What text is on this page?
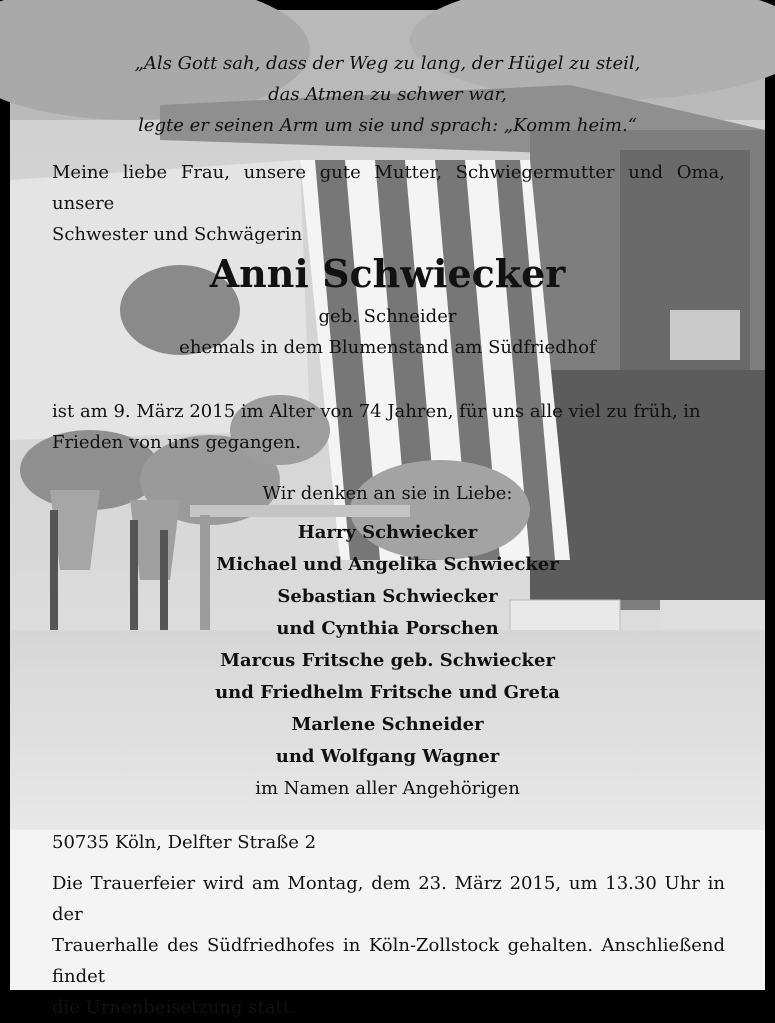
„Als Gott sah, dass der Weg zu lang, der Hügel zu steil,
das Atmen zu schwer war,
legte er seinen Arm um sie und sprach: „Komm heim.“
Meine liebe Frau, unsere gute Mutter, Schwiegermutter und Oma, unsere
Schwester und Schwägerin
Anni Schwiecker
geb. Schneider
ehemals in dem Blumenstand am Südfriedhof
ist am 9. März 2015 im Alter von 74 Jahren, für uns alle viel zu früh, in
Frieden von uns gegangen.
Wir denken an sie in Liebe:
Harry Schwiecker
Michael und Angelika Schwiecker
Sebastian Schwiecker
und Cynthia Porschen
Marcus Fritsche geb. Schwiecker
und Friedhelm Fritsche und Greta
Marlene Schneider
und Wolfgang Wagner
im Namen aller Angehörigen
50735 Köln, Delfter Straße 2
Die Trauerfeier wird am Montag, dem 23. März 2015, um 13.30 Uhr in der
Trauerhalle des Südfriedhofes in Köln-Zollstock gehalten. Anschließend findet
die Urnenbeisetzung statt.
